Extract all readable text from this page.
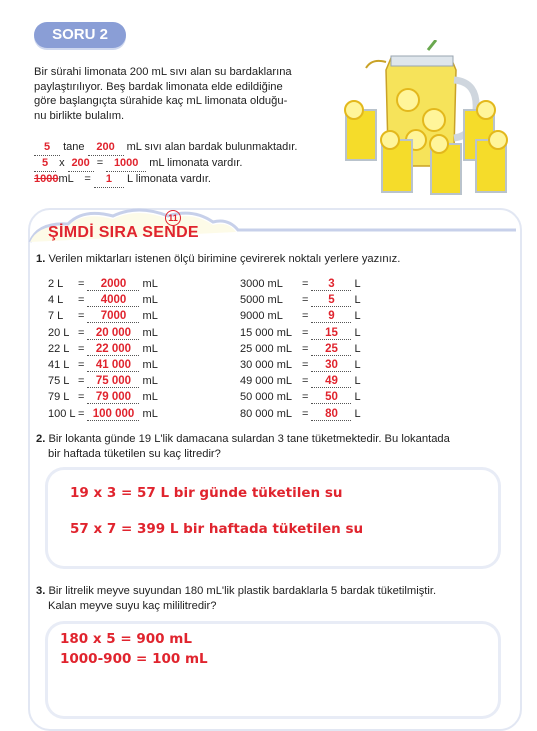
SORU 2
Bir sürahi limonata 200 mL sıvı alan su bardaklarına
paylaştırılıyor. Beş bardak limonata elde edildiğine
göre başlangıçta sürahide kaç mL limonata olduğu-
nu birlikte bulalım.
5 tane 200 mL sıvı alan bardak bulunmaktadır.
5 x 200 = 1000 mL limonata vardır.
1000mL = 1 L limonata vardır.
11
ŞİMDİ SIRA SENDE
1. Verilen miktarları istenen ölçü birimine çevirerek noktalı yerlere yazınız.
2 L = 2000 mL
4 L = 4000 mL
7 L = 7000 mL
20 L = 20 000 mL
22 L = 22 000 mL
41 L = 41 000 mL
75 L = 75 000 mL
79 L = 79 000 mL
100 L = 100 000 mL
3000 mL = 3 L
5000 mL = 5 L
9000 mL = 9 L
15 000 mL = 15 L
25 000 mL = 25 L
30 000 mL = 30 L
49 000 mL = 49 L
50 000 mL = 50 L
80 000 mL = 80 L
2. Bir lokanta günde 19 L'lik damacana sulardan 3 tane tüketmektedir. Bu lokantada
bir haftada tüketilen su kaç litredir?
19 x 3 = 57 L bir günde tüketilen su
57 x 7 = 399 L bir haftada tüketilen su
3. Bir litrelik meyve suyundan 180 mL'lik plastik bardaklarla 5 bardak tüketilmiştir.
Kalan meyve suyu kaç mililitredir?
180 x 5 = 900 mL
1000-900 = 100 mL
